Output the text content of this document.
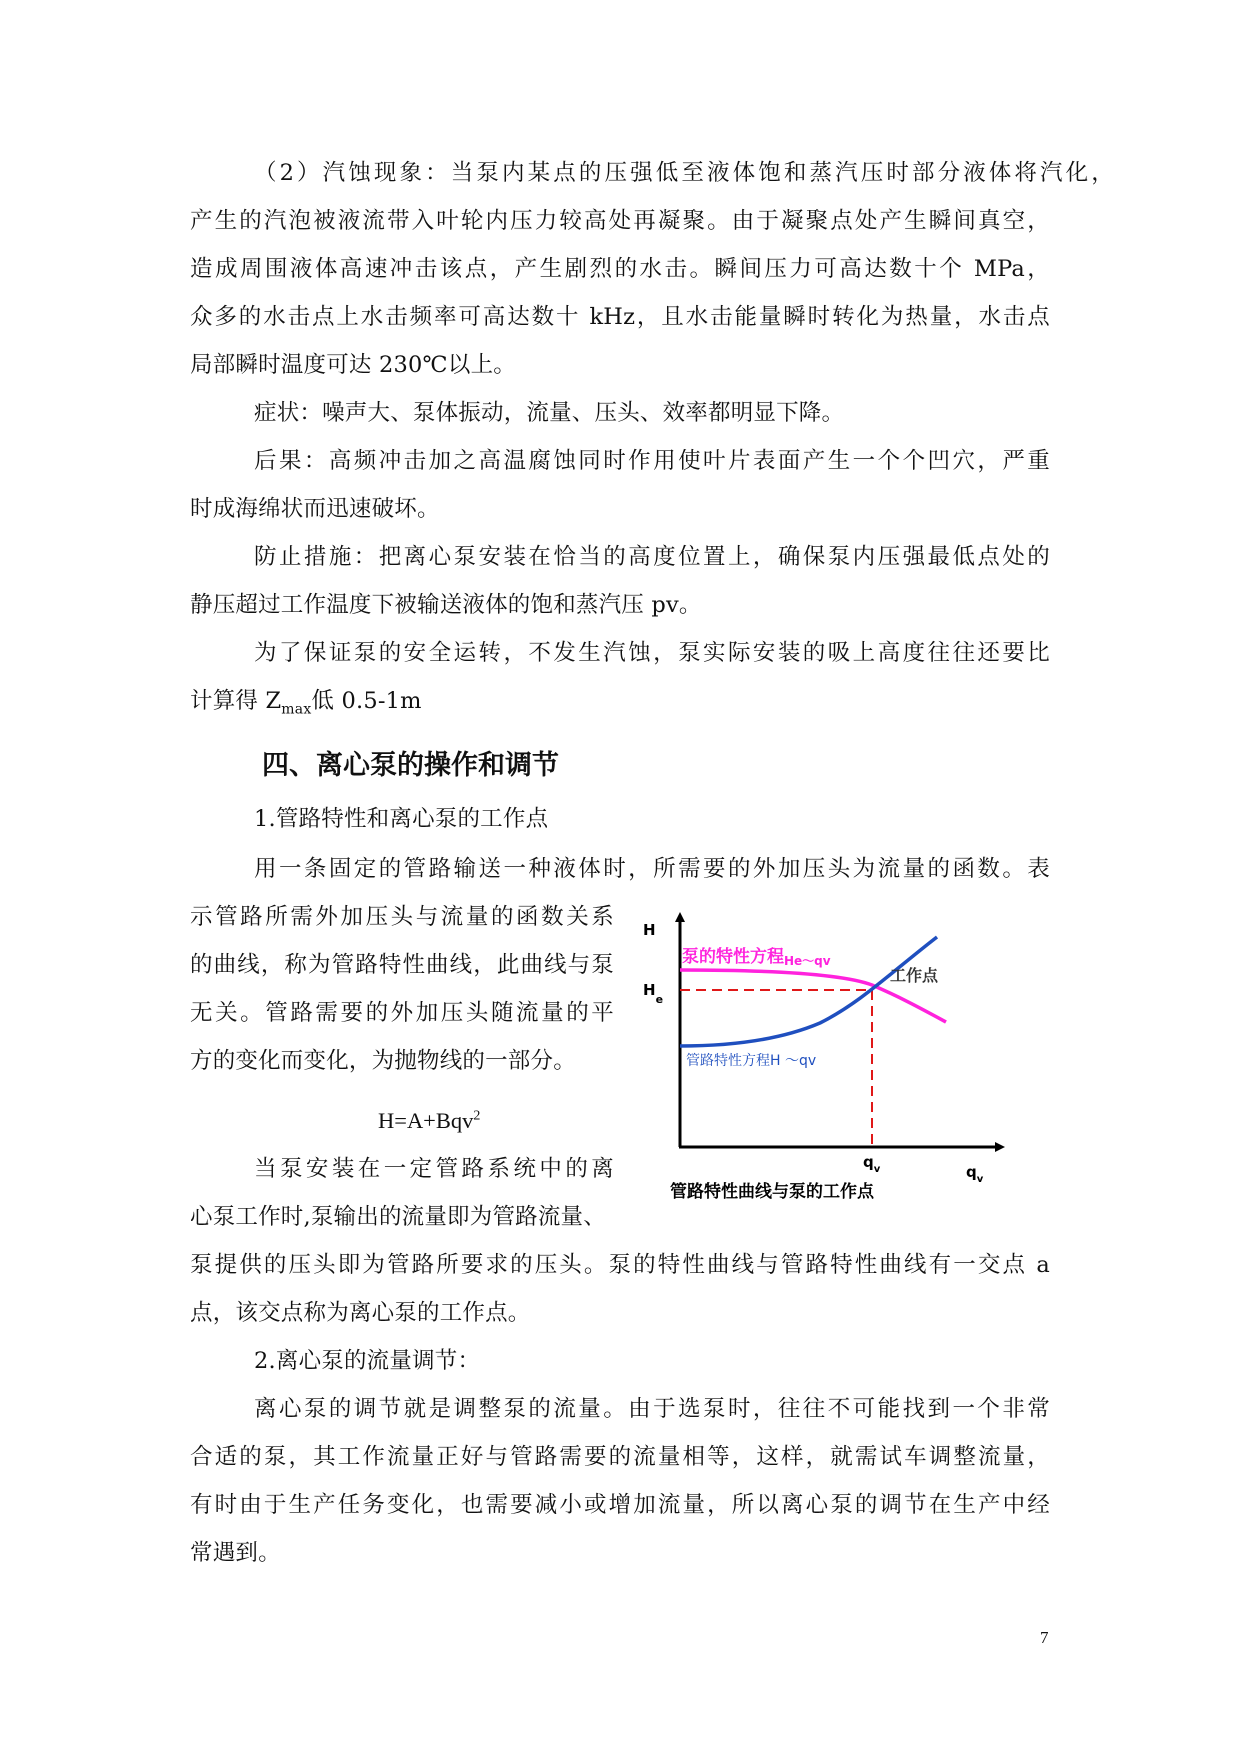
（2）汽蚀现象：当泵内某点的压强低至液体饱和蒸汽压时部分液体将汽化，
产生的汽泡被液流带入叶轮内压力较高处再凝聚。由于凝聚点处产生瞬间真空，
造成周围液体高速冲击该点，产生剧烈的水击。瞬间压力可高达数十个 MPa，
众多的水击点上水击频率可高达数十 kHz，且水击能量瞬时转化为热量，水击点
局部瞬时温度可达 230℃以上。
症状：噪声大、泵体振动，流量、压头、效率都明显下降。
后果：高频冲击加之高温腐蚀同时作用使叶片表面产生一个个凹穴，严重
时成海绵状而迅速破坏。
防止措施：把离心泵安装在恰当的高度位置上，确保泵内压强最低点处的
静压超过工作温度下被输送液体的饱和蒸汽压 pv。
为了保证泵的安全运转，不发生汽蚀，泵实际安装的吸上高度往往还要比
计算得 $Z_{max}$低 0.5-1m
四、离心泵的操作和调节
1.管路特性和离心泵的工作点
用一条固定的管路输送一种液体时，所需要的外加压头为流量的函数。表
示管路所需外加压头与流量的函数关系
的曲线，称为管路特性曲线，此曲线与泵
无关。管路需要的外加压头随流量的平
方的变化而变化，为抛物线的一部分。
H=A+Bqv$^2$
当泵安装在一定管路系统中的离
心泵工作时,泵输出的流量即为管路流量、
泵提供的压头即为管路所要求的压头。泵的特性曲线与管路特性曲线有一交点 a
点，该交点称为离心泵的工作点。
2.离心泵的流量调节：
离心泵的调节就是调整泵的流量。由于选泵时，往往不可能找到一个非常
合适的泵，其工作流量正好与管路需要的流量相等，这样，就需试车调整流量，
有时由于生产任务变化，也需要减小或增加流量，所以离心泵的调节在生产中经
常遇到。
7
H
$H_e$
泵的特性方程He～qv
管路特性方程H ～qv
工作点
$q_v$	$q_v$
管路特性曲线与泵的工作点
